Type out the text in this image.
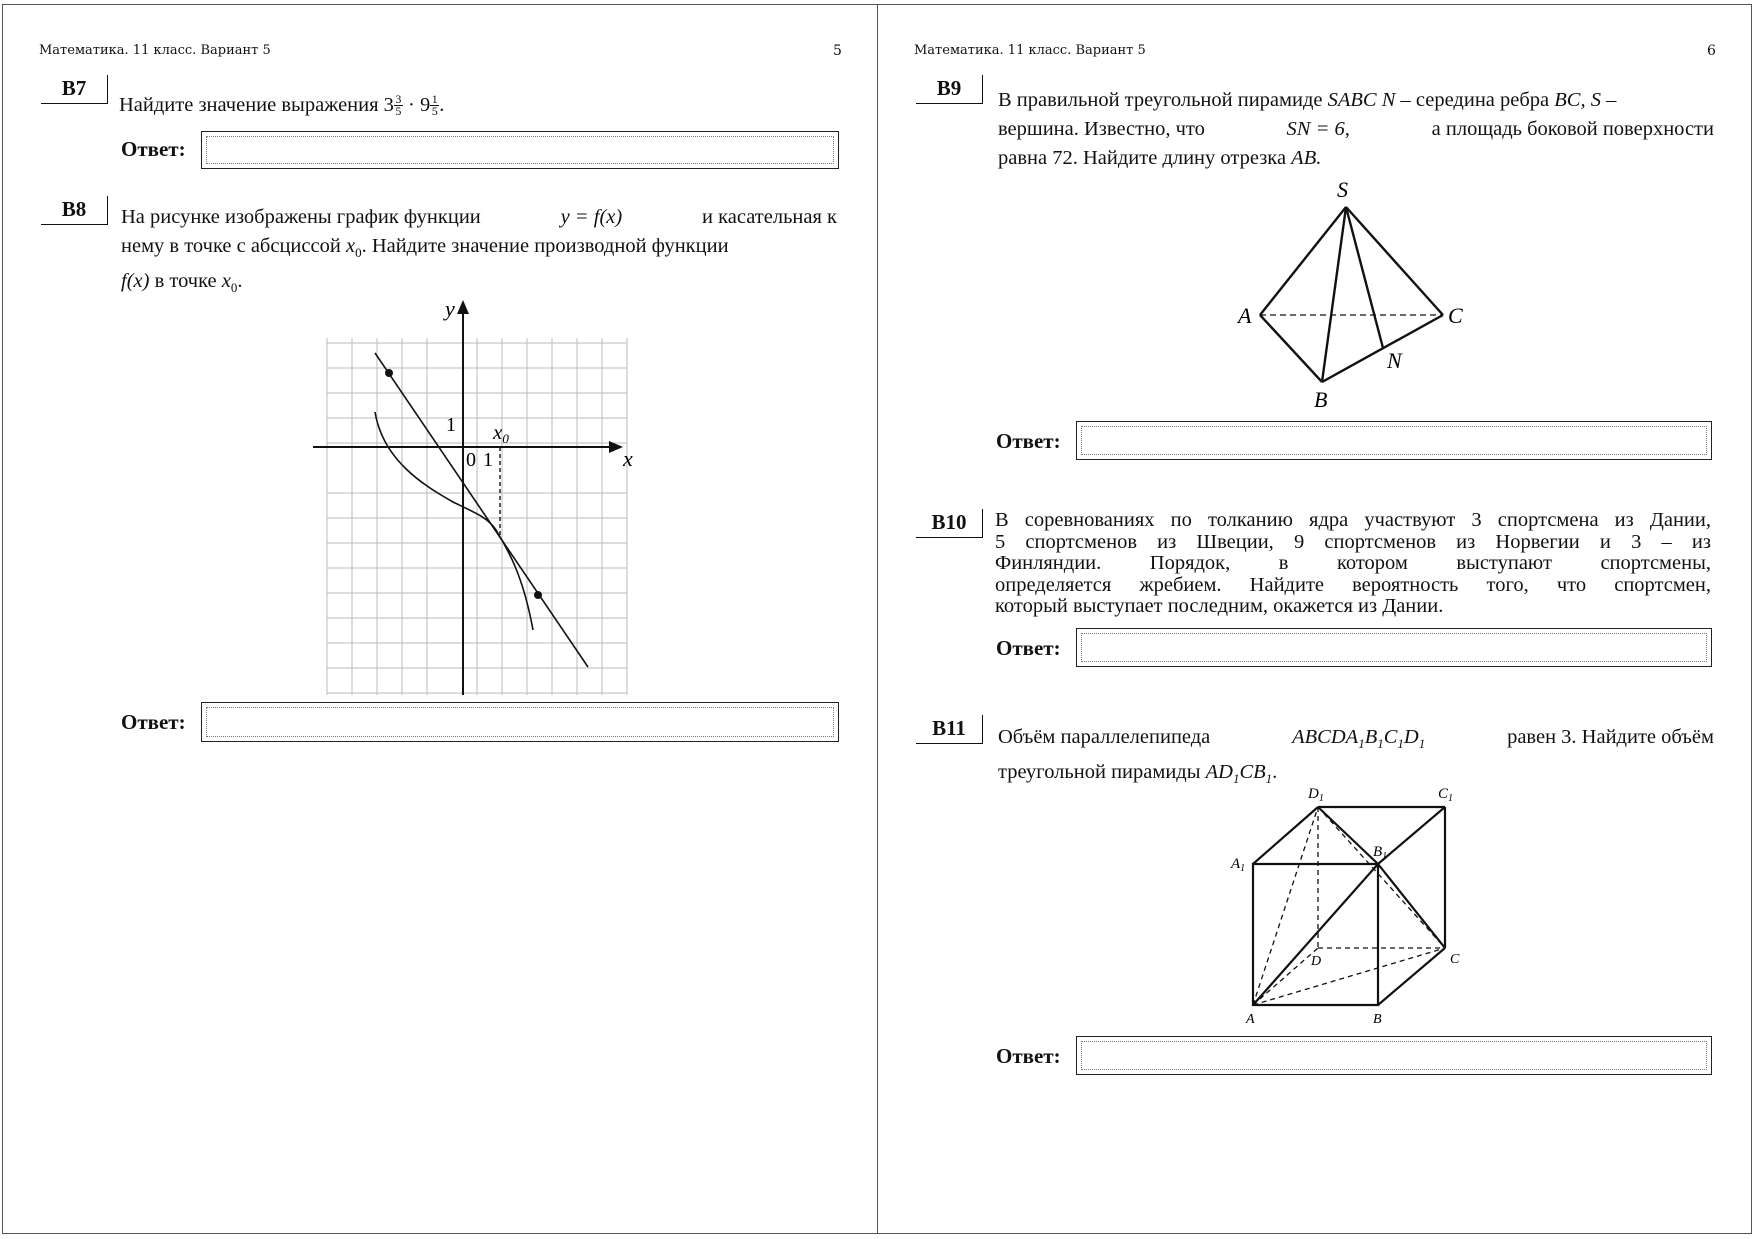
Математика. 11 класс. Вариант 5	5
B7
Найдите значение выражения $3 \frac{3}{5} \cdot 9 \frac{1}{5}$ .
Ответ:
B8	На рисунке изображены график функции	y = f(x)	и касательная к
нему в точке с абсциссой $x_0$. Найдите значение производной функции
f(x) в точке $x_0$.
y
x
1
0 1
x0
Ответ:
Математика. 11 класс. Вариант 5	6
B9	В правильной треугольной пирамиде SABC N – середина ребра BC, S –
вершина. Известно, что	SN = 6,	а площадь боковой поверхности
равна 72. Найдите длину отрезка AB.
S
A
B
C
N
Ответ:
B10	В соревнованиях по толканию ядра участвуют 3 спортсмена из Дании,
5 спортсменов из Швеции, 9 спортсменов из Норвегии и 3 – из
Финляндии. Порядок, в котором выступают спортсмены,
определяется жребием. Найдите вероятность того, что спортсмен,
который выступает последним, окажется из Дании.
Ответ:
B11	Объём параллелепипеда	$ABCDA_1B_1C_1D_1$	равен 3. Найдите объём
треугольной пирамиды $AD_1CB_1$.
$D_1$	$C_1$
$A_1$
$B_1$
D	C
A	B
Ответ:
